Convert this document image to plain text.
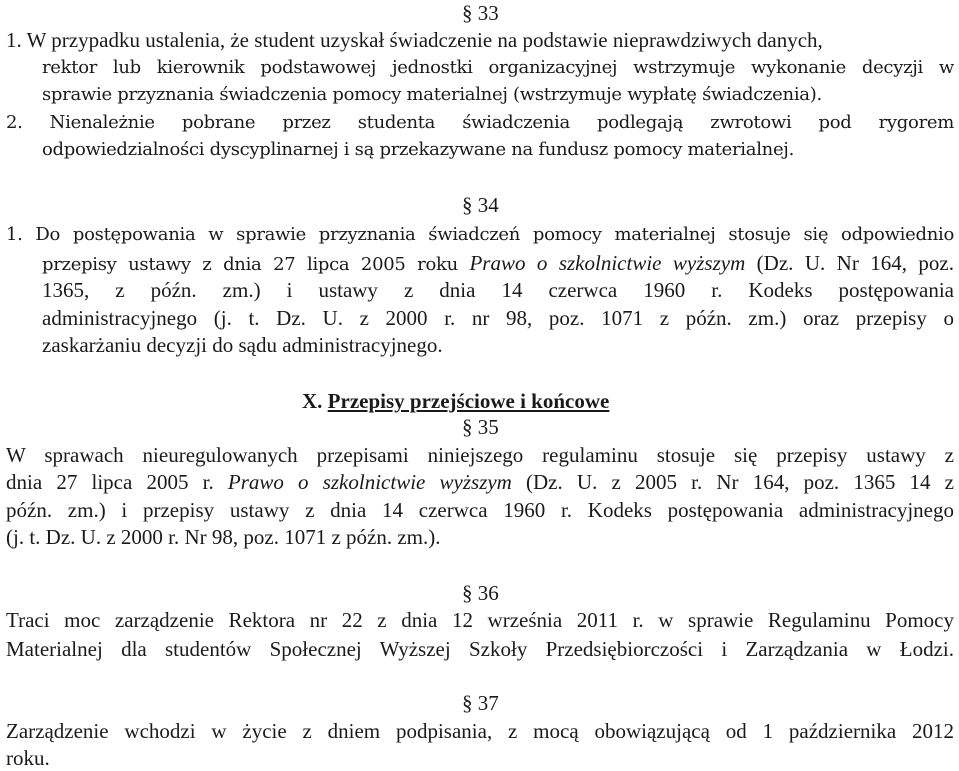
§ 33
1. W przypadku ustalenia, że student uzyskał świadczenie na podstawie nieprawdziwych danych,
rektor lub kierownik podstawowej jednostki organizacyjnej wstrzymuje wykonanie decyzji w
sprawie przyznania świadczenia pomocy materialnej (wstrzymuje wypłatę świadczenia).
2. Nienależnie pobrane przez studenta świadczenia podlegają zwrotowi pod rygorem
odpowiedzialności dyscyplinarnej i są przekazywane na fundusz pomocy materialnej.
§ 34
1. Do postępowania w sprawie przyznania świadczeń pomocy materialnej stosuje się odpowiednio
przepisy ustawy z dnia 27 lipca 2005 roku Prawo o szkolnictwie wyższym (Dz. U. Nr 164, poz.
1365, z późn. zm.) i ustawy z dnia 14 czerwca 1960 r. Kodeks postępowania
administracyjnego (j. t. Dz. U. z 2000 r. nr 98, poz. 1071 z późn. zm.) oraz przepisy o
zaskarżaniu decyzji do sądu administracyjnego.
X. Przepisy przejściowe i końcowe
§ 35
W sprawach nieuregulowanych przepisami niniejszego regulaminu stosuje się przepisy ustawy z
dnia 27 lipca 2005 r. Prawo o szkolnictwie wyższym (Dz. U. z 2005 r. Nr 164, poz. 1365 14 z
późn. zm.) i przepisy ustawy z dnia 14 czerwca 1960 r. Kodeks postępowania administracyjnego
(j. t. Dz. U. z 2000 r. Nr 98, poz. 1071 z późn. zm.).
§ 36
Traci moc zarządzenie Rektora nr 22 z dnia 12 września 2011 r. w sprawie Regulaminu Pomocy
Materialnej dla studentów Społecznej Wyższej Szkoły Przedsiębiorczości i Zarządzania w Łodzi.
§ 37
Zarządzenie wchodzi w życie z dniem podpisania, z mocą obowiązującą od 1 października 2012
roku.
